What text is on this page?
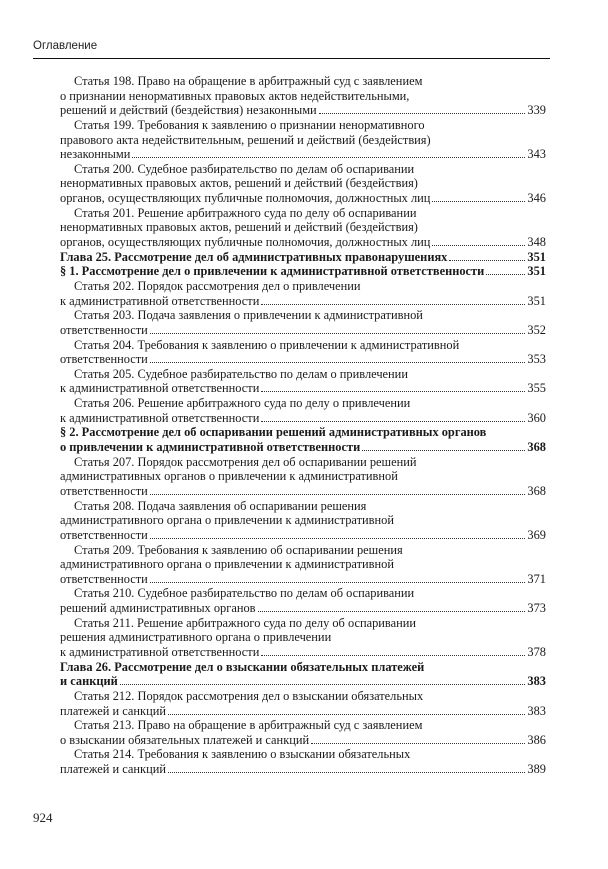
Оглавление
Статья 198. Право на обращение в арбитражный суд с заявлением
о признании ненормативных правовых актов недействительными,
решений и действий (бездействия) незаконными	339
Статья 199. Требования к заявлению о признании ненормативного
правового акта недействительным, решений и действий (бездействия)
незаконными	343
Статья 200. Судебное разбирательство по делам об оспаривании
ненормативных правовых актов, решений и действий (бездействия)
органов, осуществляющих публичные полномочия, должностных лиц	346
Статья 201. Решение арбитражного суда по делу об оспаривании
ненормативных правовых актов, решений и действий (бездействия)
органов, осуществляющих публичные полномочия, должностных лиц	348
Глава 25. Рассмотрение дел об административных правонарушениях	351
§ 1. Рассмотрение дел о привлечении к административной ответственности	351
Статья 202. Порядок рассмотрения дел о привлечении
к административной ответственности	351
Статья 203. Подача заявления о привлечении к административной
ответственности	352
Статья 204. Требования к заявлению о привлечении к административной
ответственности	353
Статья 205. Судебное разбирательство по делам о привлечении
к административной ответственности	355
Статья 206. Решение арбитражного суда по делу о привлечении
к административной ответственности	360
§ 2. Рассмотрение дел об оспаривании решений административных органов
о привлечении к административной ответственности	368
Статья 207. Порядок рассмотрения дел об оспаривании решений
административных органов о привлечении к административной
ответственности	368
Статья 208. Подача заявления об оспаривании решения
административного органа о привлечении к административной
ответственности	369
Статья 209. Требования к заявлению об оспаривании решения
административного органа о привлечении к административной
ответственности	371
Статья 210. Судебное разбирательство по делам об оспаривании
решений административных органов	373
Статья 211. Решение арбитражного суда по делу об оспаривании
решения административного органа о привлечении
к административной ответственности	378
Глава 26. Рассмотрение дел о взыскании обязательных платежей
и санкций	383
Статья 212. Порядок рассмотрения дел о взыскании обязательных
платежей и санкций	383
Статья 213. Право на обращение в арбитражный суд с заявлением
о взыскании обязательных платежей и санкций	386
Статья 214. Требования к заявлению о взыскании обязательных
платежей и санкций	389
924
